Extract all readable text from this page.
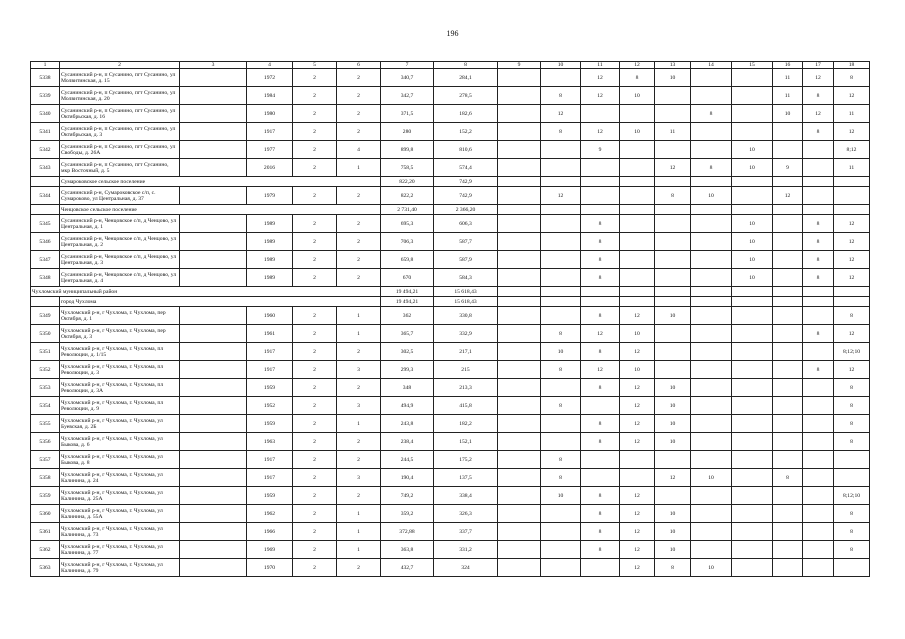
196
1	2	3	4	5	6	7	8	9	10	11	12	13	14	15	16	17	18
5338	Сусанинский р-н, п Сусанино, пгт Сусанино, ул Молвитинская, д. 15		1972	2	2	340,7	284,1			12	8	10			11	12	8
5339	Сусанинский р-н, п Сусанино, пгт Сусанино, ул Молвитинская, д. 20		1984	2	2	342,7	278,5		8	12	10				11	8	12
5340	Сусанинский р-н, п Сусанино, пгт Сусанино, ул Октябрьская, д. 16		1980	2	2	371,5	182,6		12				8		10	12	11
5341	Сусанинский р-н, п Сусанино, пгт Сусанино, ул Октябрьская, д. 3		1917	2	2	280	152,2		8	12	10	11				8	12
5342	Сусанинский р-н, п Сусанино, пгт Сусанино, ул Свободы, д. 26А		1977	2	4	899,8	810,6			9				10			8;12
5343	Сусанинский р-н, п Сусанино, пгт Сусанино, мкр Восточный, д. 5		2016	2	1	758,5	574,4					12	8	10	9		11
	Сумароковское сельское поселение					822,20	742,9										
5344	Сусанинский р-н, Сумароковское с/п, с. Сумароково, ул Центральная, д. 37		1979	2	2	822,2	742,9		12			8	10		12		
	Ченцовское сельское поселение					2 731,40	2 366,20										
5345	Сусанинский р-н, Ченцовское с/п, д Ченцово, ул Центральная, д. 1		1989	2	2	695,3	606,3			8				10		8	12
5346	Сусанинский р-н, Ченцовское с/п, д Ченцово, ул Центральная, д. 2		1989	2	2	706,3	587,7			8				10		8	12
5347	Сусанинский р-н, Ченцовское с/п, д Ченцово, ул Центральная, д. 3		1989	2	2	659,8	587,9			8				10		8	12
5348	Сусанинский р-н, Ченцовское с/п, д Ченцово, ул Центральная, д. 4		1989	2	2	670	584,3			8				10		8	12
Чухломский муниципальный район						19 494,21	15 618,43										
	город Чухлома					19 494,21	15 618,43										
5349	Чухломский р-н, г Чухлома, г. Чухлома, пер Октября, д. 1		1960	2	1	362	330,8			8	12	10					8
5350	Чухломский р-н, г Чухлома, г. Чухлома, пер Октября, д. 3		1961	2	1	365,7	332,9		8	12	10					8	12
5351	Чухломский р-н, г Чухлома, г. Чухлома, пл Революции, д. 1/15		1917	2	2	302,5	217,1		10	8	12						8;12;10
5352	Чухломский р-н, г Чухлома, г. Чухлома, пл Революции, д. 3		1917	2	3	299,3	215		8	12	10					8	12
5353	Чухломский р-н, г Чухлома, г. Чухлома, пл Революции, д. 3А		1959	2	2	348	213,3			8	12	10					8
5354	Чухломский р-н, г Чухлома, г. Чухлома, пл Революции, д. 9		1952	2	3	494,9	415,8		8		12	10					8
5355	Чухломский р-н, г Чухлома, г. Чухлома, ул Буевская, д. 2Б		1959	2	1	243,8	182,2			8	12	10					8
5356	Чухломский р-н, г Чухлома, г. Чухлома, ул Быкова, д. 6		1963	2	2	238,4	152,1			8	12	10					8
5357	Чухломский р-н, г Чухлома, г. Чухлома, ул Быкова, д. 8		1917	2	2	244,5	175,2		8								
5358	Чухломский р-н, г Чухлома, г. Чухлома, ул Калинина, д. 24		1917	2	3	190,4	137,5		8			12	10		8		
5359	Чухломский р-н, г Чухлома, г. Чухлома, ул Калинина, д. 25А		1959	2	2	749,2	338,4		10	8	12						8;12;10
5360	Чухломский р-н, г Чухлома, г. Чухлома, ул Калинина, д. 55А		1962	2	1	359,2	326,3			8	12	10					8
5361	Чухломский р-н, г Чухлома, г. Чухлома, ул Калинина, д. 73		1966	2	1	372,88	337,7			8	12	10					8
5362	Чухломский р-н, г Чухлома, г. Чухлома, ул Калинина, д. 77		1969	2	1	363,8	331,2			8	12	10					8
5363	Чухломский р-н, г Чухлома, г. Чухлома, ул Калинина, д. 79		1970	2	2	432,7	324				12	8	10				
